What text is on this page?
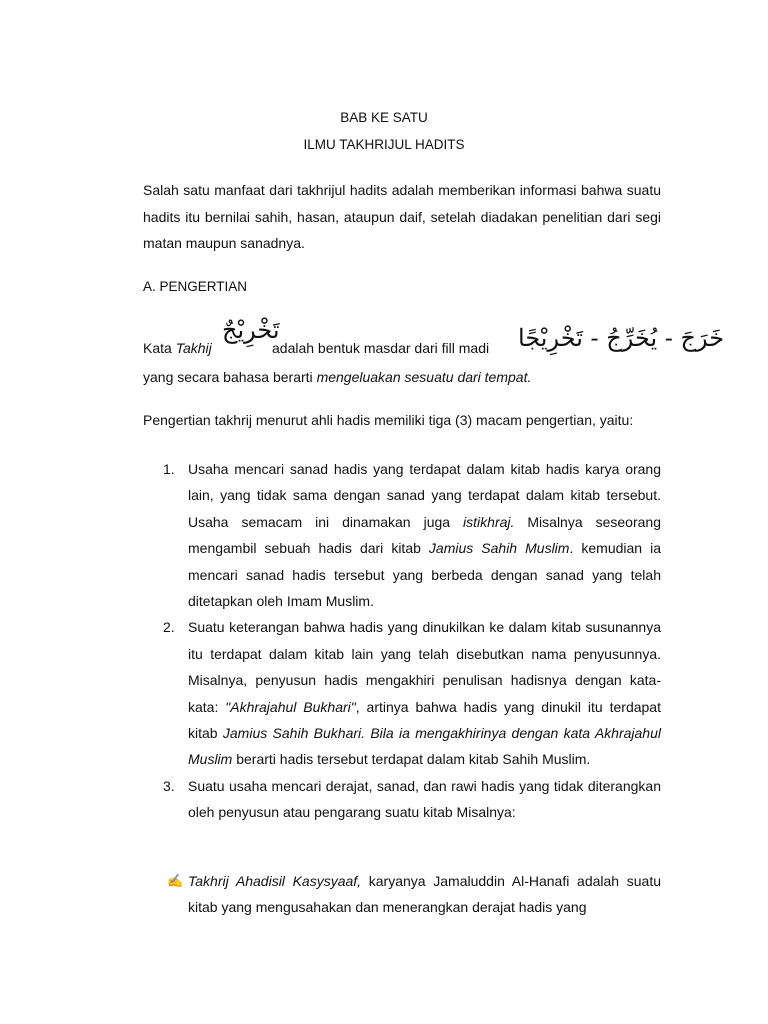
BAB KE SATU
ILMU TAKHRIJUL HADITS
Salah satu manfaat dari takhrijul hadits adalah memberikan informasi bahwa suatu hadits itu bernilai sahih, hasan, ataupun daif, setelah diadakan penelitian dari segi matan maupun sanadnya.
A. PENGERTIAN
Kata Takhij
تَخْرِيْجٌ
adalah bentuk masdar dari fill madi خَرَجَ - يُخَرِّجُ - تَخْرِيْجًا
yang secara bahasa berarti mengeluakan sesuatu dari tempat.
Pengertian takhrij menurut ahli hadis memiliki tiga (3) macam pengertian, yaitu:
1. Usaha mencari sanad hadis yang terdapat dalam kitab hadis karya orang lain, yang tidak sama dengan sanad yang terdapat dalam kitab tersebut. Usaha semacam ini dinamakan juga istikhraj. Misalnya seseorang mengambil sebuah hadis dari kitab Jamius Sahih Muslim. kemudian ia mencari sanad hadis tersebut yang berbeda dengan sanad yang telah ditetapkan oleh Imam Muslim.
2. Suatu keterangan bahwa hadis yang dinukilkan ke dalam kitab susunannya itu terdapat dalam kitab lain yang telah disebutkan nama penyusunnya. Misalnya, penyusun hadis mengakhiri penulisan hadisnya dengan kata-kata: "Akhrajahul Bukhari", artinya bahwa hadis yang dinukil itu terdapat kitab Jamius Sahih Bukhari. Bila ia mengakhirinya dengan kata Akhrajahul Muslim berarti hadis tersebut terdapat dalam kitab Sahih Muslim.
3. Suatu usaha mencari derajat, sanad, dan rawi hadis yang tidak diterangkan oleh penyusun atau pengarang suatu kitab Misalnya:
✍ Takhrij Ahadisil Kasysyaaf, karyanya Jamaluddin Al-Hanafi adalah suatu kitab yang mengusahakan dan menerangkan derajat hadis yang
